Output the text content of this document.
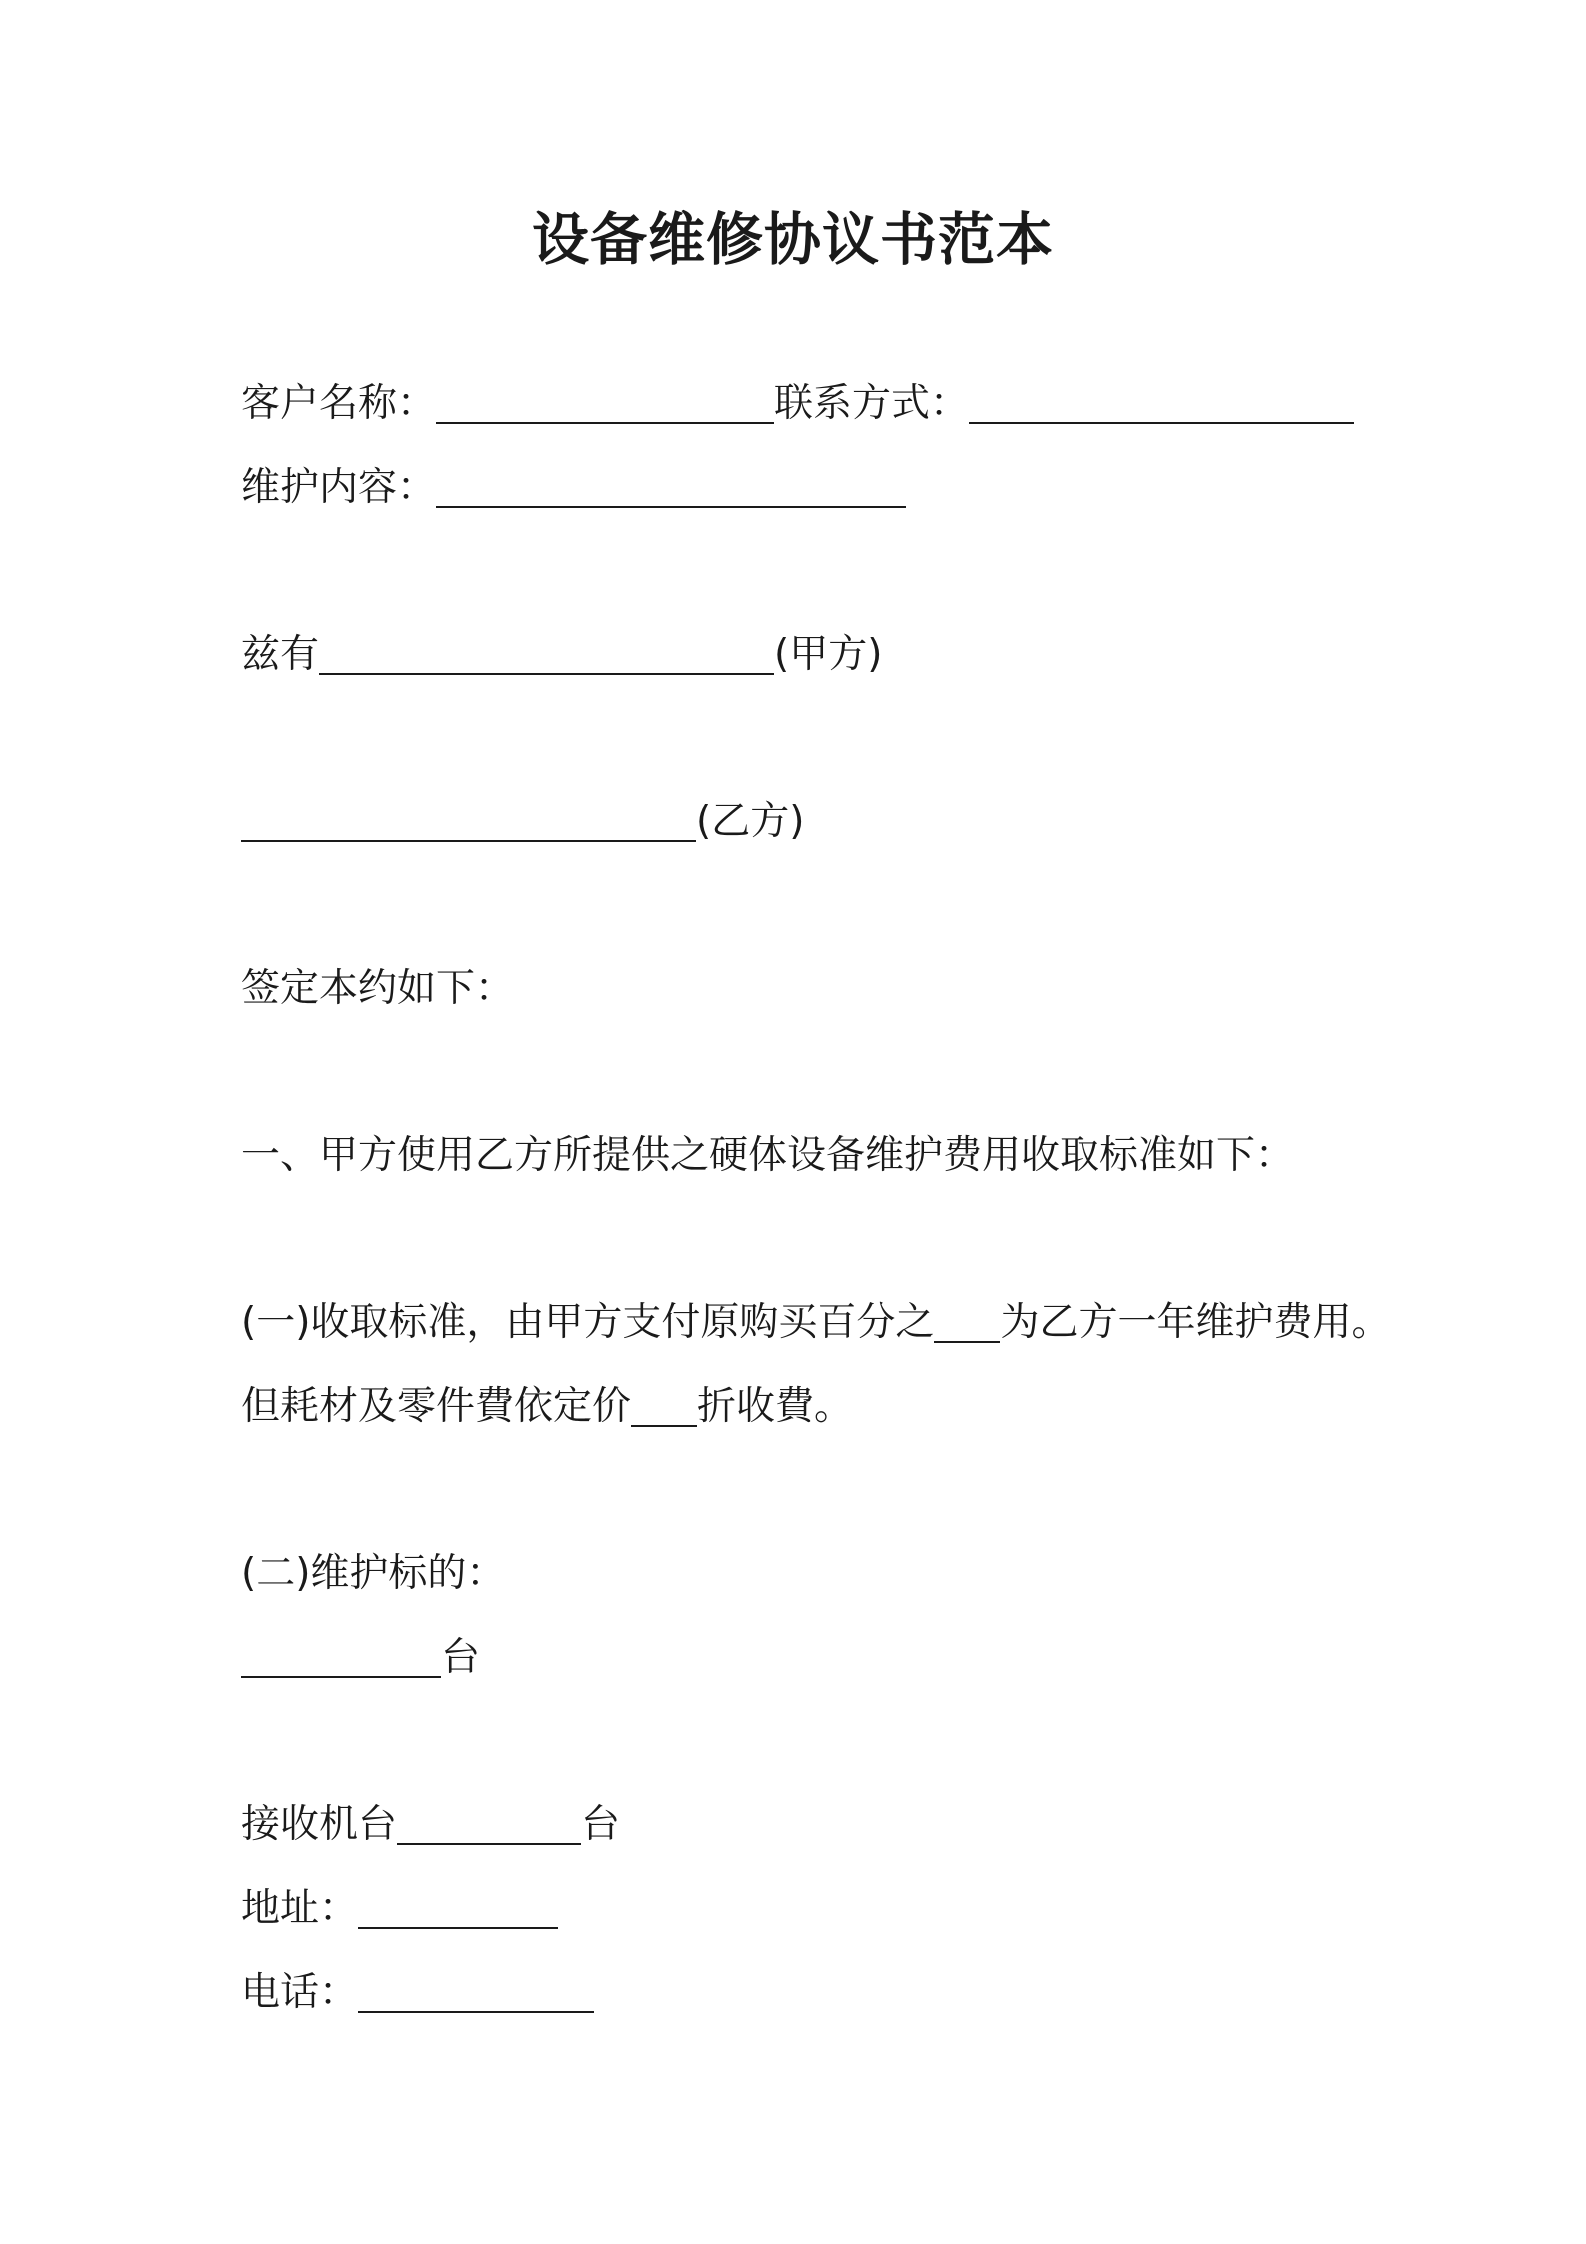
设备维修协议书范本
客户名称：	联系方式：
维护内容：
兹有	(甲方)
(乙方)
签定本约如下：
一、甲方使用乙方所提供之硬体设备维护费用收取标准如下：
(一)收取标准，由甲方支付原购买百分之 为乙方一年维护费用。
但耗材及零件費依定价 折收費。
(二)维护标的：
台
接收机台	台
地址：
电话：
